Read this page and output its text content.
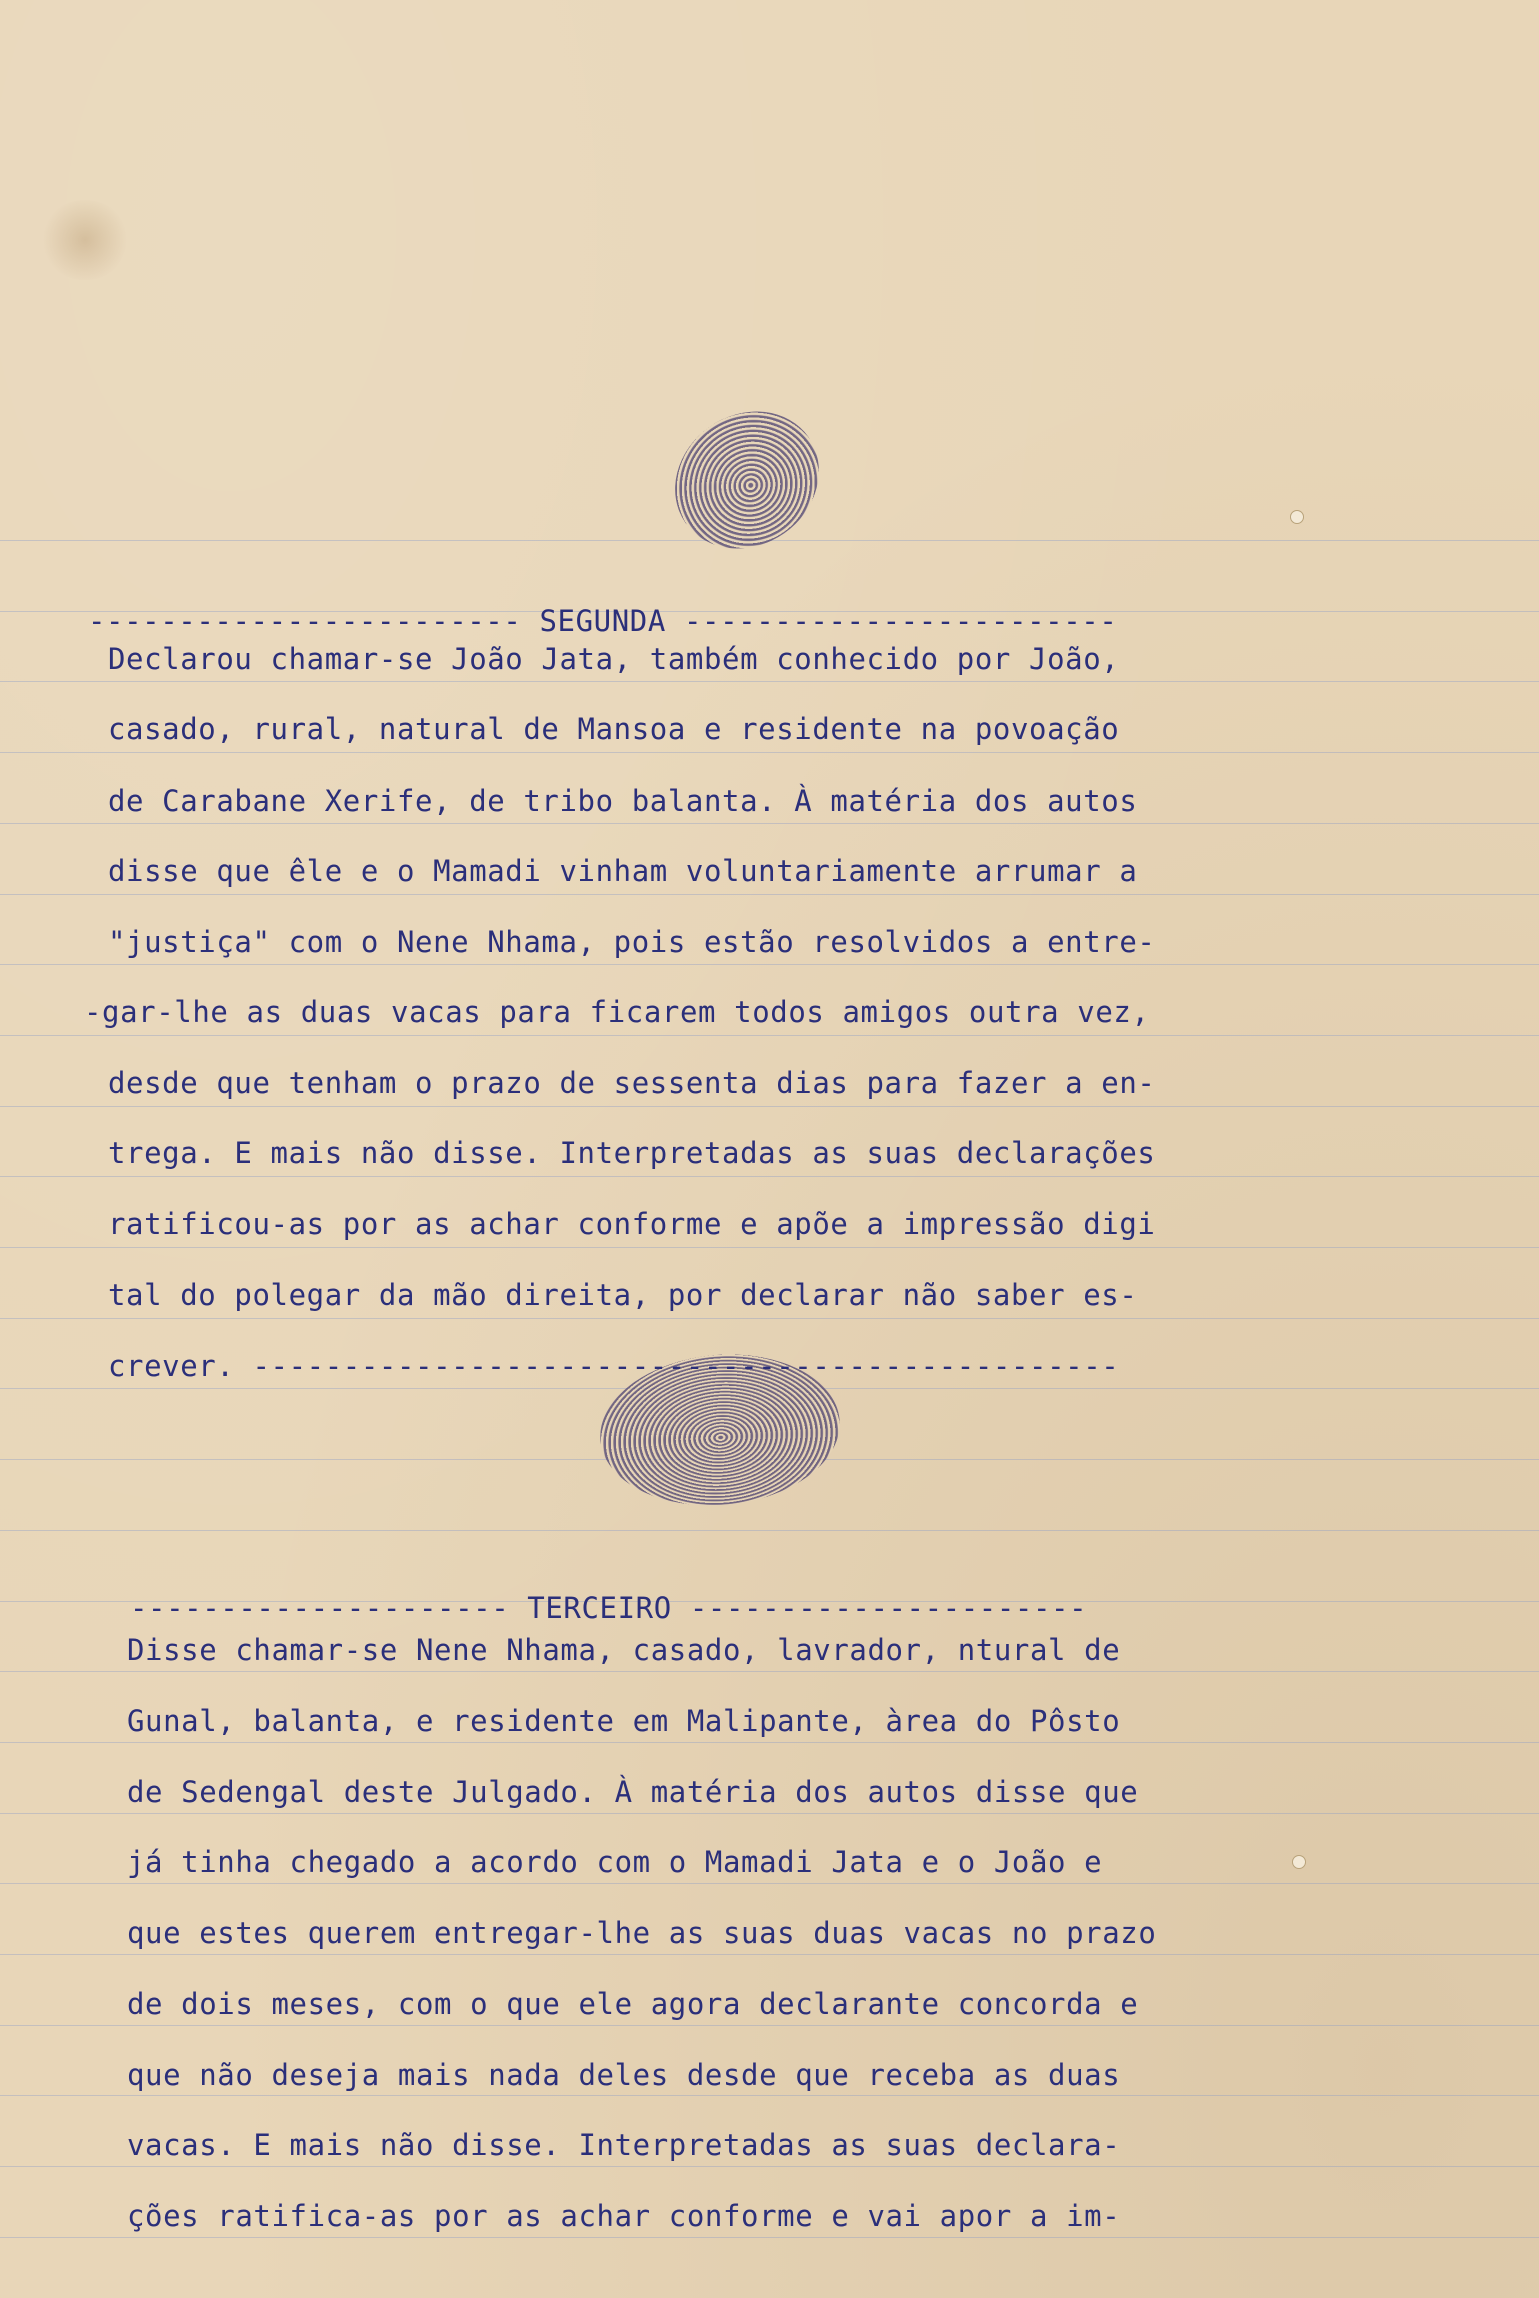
------------------------ SEGUNDA ------------------------

Declarou chamar-se João Jata, também conhecido por João,
casado, rural, natural de Mansoa e residente na povoação
de Carabane Xerife, de tribo balanta. À matéria dos autos
disse que êle e o Mamadi vinham voluntariamente arrumar a
"justiça" com o Nene Nhama, pois estão resolvidos a entre-
-gar-lhe as duas vacas para ficarem todos amigos outra vez,
desde que tenham o prazo de sessenta dias para fazer a en-
trega. E mais não disse. Interpretadas as suas declarações
ratificou-as por as achar conforme e apõe a impressão digi
tal do polegar da mão direita, por declarar não saber es-
crever. ------------------------------------------------

--------------------- TERCEIRO ----------------------

Disse chamar-se Nene Nhama, casado, lavrador, ntural de
Gunal, balanta, e residente em Malipante, àrea do Pôsto
de Sedengal deste Julgado. À matéria dos autos disse que
já tinha chegado a acordo com o Mamadi Jata e o João e
que estes querem entregar-lhe as suas duas vacas no prazo
de dois meses, com o que ele agora declarante concorda e
que não deseja mais nada deles desde que receba as duas
vacas. E mais não disse. Interpretadas as suas declara-
ções ratifica-as por as achar conforme e vai apor a im-
